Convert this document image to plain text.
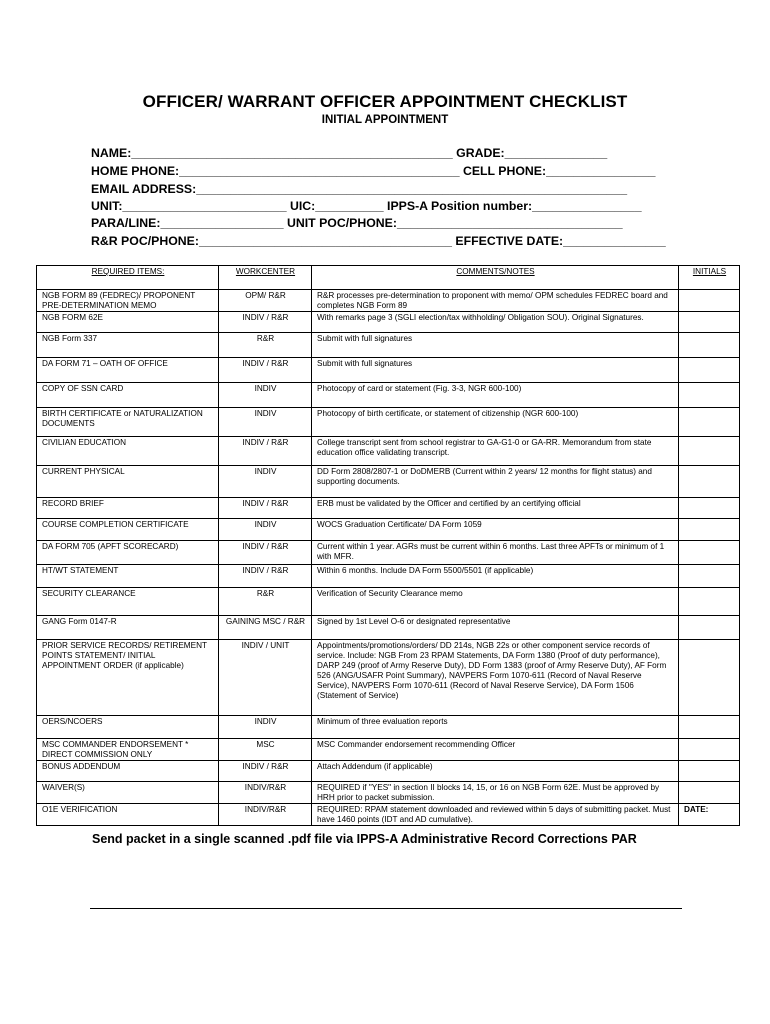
OFFICER/ WARRANT OFFICER APPOINTMENT CHECKLIST
INITIAL APPOINTMENT
NAME:_______________________________________________ GRADE:_______________
HOME PHONE:_________________________________________ CELL PHONE:________________
EMAIL ADDRESS:_______________________________________________________________
UNIT:________________________ UIC:__________ IPPS-A Position number:________________
PARA/LINE:__________________ UNIT POC/PHONE:_________________________________
R&R POC/PHONE:_____________________________________ EFFECTIVE DATE:_______________
REQUIRED ITEMS:	WORKCENTER	COMMENTS/NOTES	INITIALS
NGB FORM 89 (FEDREC)/ PROPONENT PRE-DETERMINATION MEMO	OPM/ R&R	R&R processes pre-determination to proponent with memo/ OPM schedules FEDREC board and completes NGB Form 89	
NGB FORM 62E	INDIV / R&R	With remarks page 3 (SGLI election/tax withholding/ Obligation SOU). Original Signatures.	
NGB Form 337	R&R	Submit with full signatures	
DA FORM 71 – OATH OF OFFICE	INDIV / R&R	Submit with full signatures	
COPY OF SSN CARD	INDIV	Photocopy of card or statement (Fig. 3-3, NGR 600-100)	
BIRTH CERTIFICATE or NATURALIZATION DOCUMENTS	INDIV	Photocopy of birth certificate, or statement of citizenship (NGR 600-100)	
CIVILIAN EDUCATION	INDIV / R&R	College transcript sent from school registrar to GA-G1-0 or GA-RR. Memorandum from state education office validating transcript.	
CURRENT PHYSICAL	INDIV	DD Form 2808/2807-1 or DoDMERB (Current within 2 years/ 12 months for flight status) and supporting documents.	
RECORD BRIEF	INDIV / R&R	ERB must be validated by the Officer and certified by an certifying official	
COURSE COMPLETION CERTIFICATE	INDIV	WOCS Graduation Certificate/ DA Form 1059	
DA FORM 705 (APFT SCORECARD)	INDIV / R&R	Current within 1 year. AGRs must be current within 6 months. Last three APFTs or minimum of 1 with MFR.	
HT/WT STATEMENT	INDIV / R&R	Within 6 months. Include DA Form 5500/5501 (if applicable)	
SECURITY CLEARANCE	R&R	Verification of Security Clearance memo	
GANG Form 0147-R	GAINING MSC / R&R	Signed by 1st Level O-6 or designated representative	
PRIOR SERVICE RECORDS/ RETIREMENT POINTS STATEMENT/ INITIAL APPOINTMENT ORDER (if applicable)	INDIV / UNIT	Appointments/promotions/orders/ DD 214s, NGB 22s or other component service records of service. Include: NGB From 23 RPAM Statements, DA Form 1380 (Proof of duty performance), DARP 249 (proof of Army Reserve Duty), DD Form 1383 (proof of Army Reserve Duty), AF Form 526 (ANG/USAFR Point Summary), NAVPERS Form 1070-611 (Record of Naval Reserve Service), NAVPERS Form 1070-611 (Record of Naval Reserve Service), DA Form 1506 (Statement of Service)	
OERS/NCOERS	INDIV	Minimum of three evaluation reports	
MSC COMMANDER ENDORSEMENT * DIRECT COMMISSION ONLY	MSC	MSC Commander endorsement recommending Officer	
BONUS ADDENDUM	INDIV / R&R	Attach Addendum (if applicable)	
WAIVER(S)	INDIV/R&R	REQUIRED if "YES" in section II blocks 14, 15, or 16 on NGB Form 62E. Must be approved by HRH prior to packet submission.	
O1E VERIFICATION	INDIV/R&R	REQUIRED: RPAM statement downloaded and reviewed within 5 days of submitting packet. Must have 1460 points (IDT and AD cumulative).	DATE:
Send packet in a single scanned .pdf file via IPPS-A Administrative Record Corrections PAR
